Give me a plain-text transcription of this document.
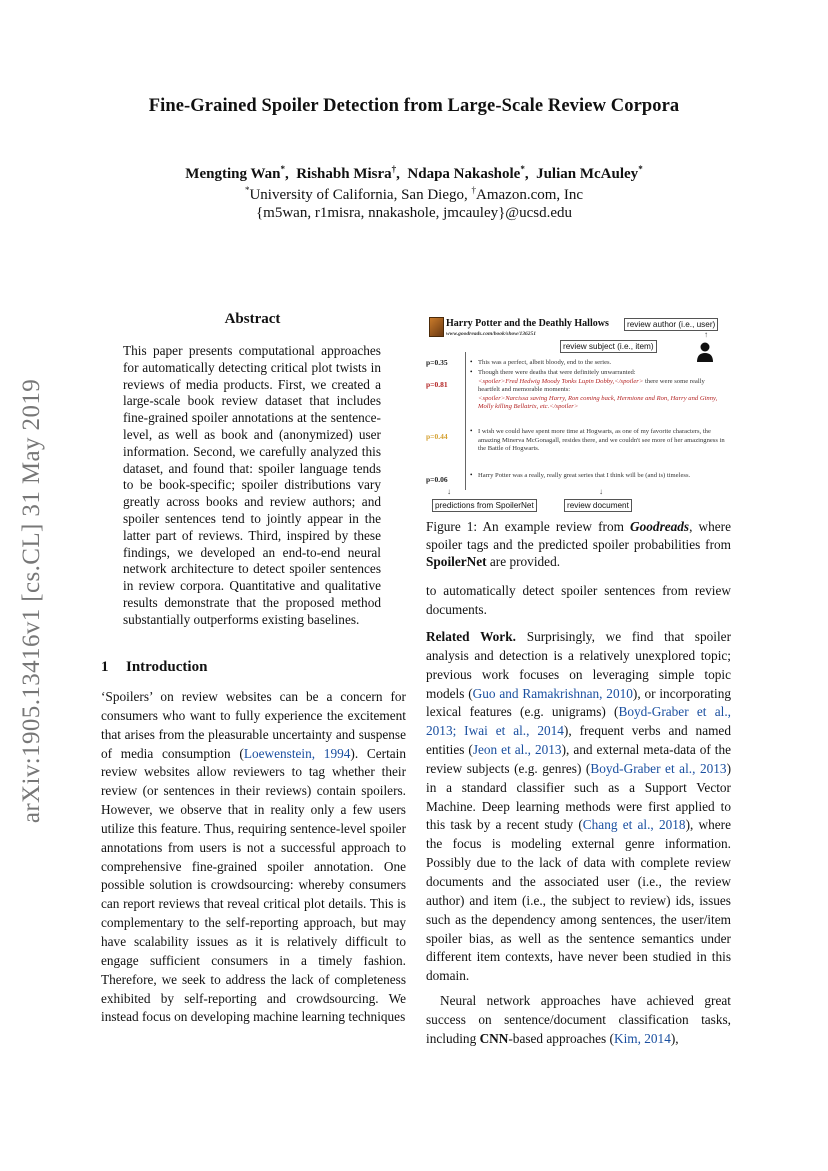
arXiv:1905.13416v1 [cs.CL] 31 May 2019
Fine-Grained Spoiler Detection from Large-Scale Review Corpora
Mengting Wan*,  Rishabh Misra†,  Ndapa Nakashole*,  Julian McAuley*
*University of California, San Diego, †Amazon.com, Inc
{m5wan, r1misra, nnakashole, jmcauley}@ucsd.edu
Abstract
This paper presents computational approaches for automatically detecting critical plot twists in reviews of media products. First, we created a large-scale book review dataset that includes fine-grained spoiler annotations at the sentence-level, as well as book and (anonymized) user information. Second, we carefully analyzed this dataset, and found that: spoiler language tends to be book-specific; spoiler distributions vary greatly across books and review authors; and spoiler sentences tend to jointly appear in the latter part of reviews. Third, inspired by these findings, we developed an end-to-end neural network architecture to detect spoiler sentences in review corpora. Quantitative and qualitative results demonstrate that the proposed method substantially outperforms existing baselines.
1 Introduction
‘Spoilers’ on review websites can be a concern for consumers who want to fully experience the excitement that arises from the pleasurable uncertainty and suspense of media consumption (Loewenstein, 1994). Certain review websites allow reviewers to tag whether their review (or sentences in their reviews) contain spoilers. However, we observe that in reality only a few users utilize this feature. Thus, requiring sentence-level spoiler annotations from users is not a successful approach to comprehensive fine-grained spoiler annotation. One possible solution is crowdsourcing: whereby consumers can report reviews that reveal critical plot details. This is complementary to the self-reporting approach, but may have scalability issues as it is relatively difficult to engage sufficient consumers in a timely fashion. Therefore, we seek to address the lack of completeness exhibited by self-reporting and crowdsourcing. We instead focus on developing machine learning techniques
Harry Potter and the Deathly Hallows
www.goodreads.com/book/show/136251
review author (i.e., user)
↑
review subject (i.e., item)
p=0.35	• This was a perfect, albeit bloody, end to the series.
p=0.81
• Though there were deaths that were definitely unwarranted:
<spoiler>Fred Hedwig Moody Tonks Lupin Dobby,</spoiler> there were some really heartfelt and memorable moments:
<spoiler>Narcissa saving Harry, Ron coming back, Hermione and Ron, Harry and Ginny, Molly killing Bellatrix, etc.</spoiler>
p=0.44
• I wish we could have spent more time at Hogwarts, as one of my favorite characters, the amazing Minerva McGonagall, resides there, and we couldn't see more of her amazingness in the Battle of Hogwarts.
p=0.06	• Harry Potter was a really, really great series that I think will be (and is) timeless.
↓	↓
predictions from SpoilerNet	review document
Figure 1: An example review from Goodreads, where spoiler tags and the predicted spoiler probabilities from SpoilerNet are provided.
to automatically detect spoiler sentences from review documents.
Related Work. Surprisingly, we find that spoiler analysis and detection is a relatively unexplored topic; previous work focuses on leveraging simple topic models (Guo and Ramakrishnan, 2010), or incorporating lexical features (e.g. unigrams) (Boyd-Graber et al., 2013; Iwai et al., 2014), frequent verbs and named entities (Jeon et al., 2013), and external meta-data of the review subjects (e.g. genres) (Boyd-Graber et al., 2013) in a standard classifier such as a Support Vector Machine. Deep learning methods were first applied to this task by a recent study (Chang et al., 2018), where the focus is modeling external genre information. Possibly due to the lack of data with complete review documents and the associated user (i.e., the review author) and item (i.e., the subject to review) ids, issues such as the dependency among sentences, the user/item spoiler bias, as well as the sentence semantics under different item contexts, have never been studied in this domain.

Neural network approaches have achieved great success on sentence/document classification tasks, including CNN-based approaches (Kim, 2014),
